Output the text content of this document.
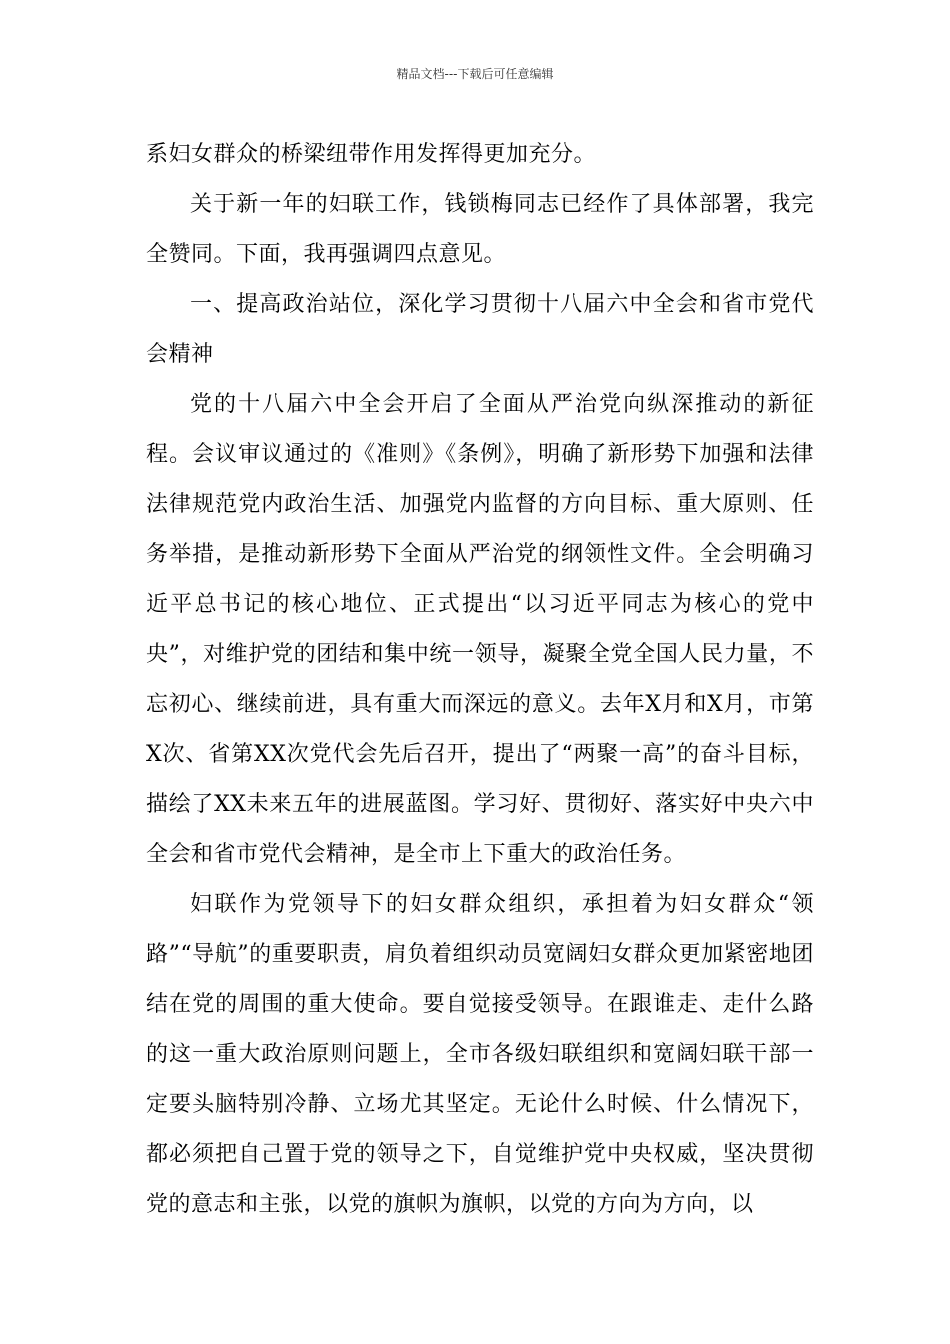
精品文档---下载后可任意编辑

系妇女群众的桥梁纽带作用发挥得更加充分。

关于新一年的妇联工作，钱锁梅同志已经作了具体部署，我完全赞同。下面，我再强调四点意见。

一、提高政治站位，深化学习贯彻十八届六中全会和省市党代会精神

党的十八届六中全会开启了全面从严治党向纵深推动的新征程。会议审议通过的《准则》《条例》，明确了新形势下加强和法律法律规范党内政治生活、加强党内监督的方向目标、重大原则、任务举措，是推动新形势下全面从严治党的纲领性文件。全会明确习近平总书记的核心地位、正式提出“以习近平同志为核心的党中央”，对维护党的团结和集中统一领导，凝聚全党全国人民力量，不忘初心、继续前进，具有重大而深远的意义。去年X月和X月，市第X次、省第XX次党代会先后召开，提出了“两聚一高”的奋斗目标，描绘了XX未来五年的进展蓝图。学习好、贯彻好、落实好中央六中全会和省市党代会精神，是全市上下重大的政治任务。

妇联作为党领导下的妇女群众组织，承担着为妇女群众“领路”“导航”的重要职责，肩负着组织动员宽阔妇女群众更加紧密地团结在党的周围的重大使命。要自觉接受领导。在跟谁走、走什么路的这一重大政治原则问题上，全市各级妇联组织和宽阔妇联干部一定要头脑特别冷静、立场尤其坚定。无论什么时候、什么情况下，都必须把自己置于党的领导之下，自觉维护党中央权威，坚决贯彻党的意志和主张，以党的旗帜为旗帜，以党的方向为方向，以
